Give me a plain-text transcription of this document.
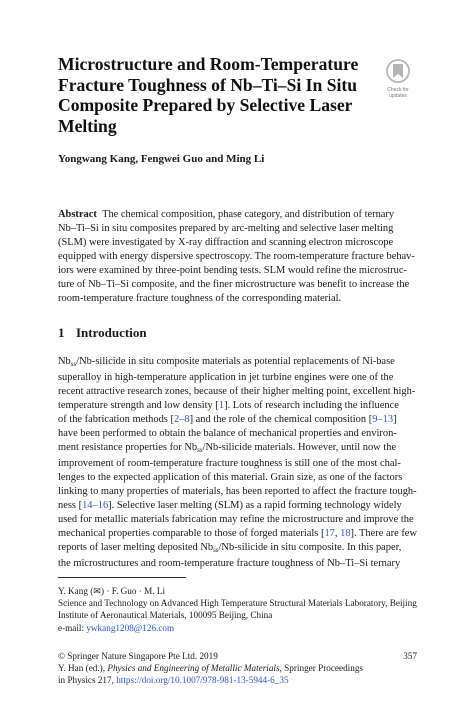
Microstructure and Room-Temperature
Fracture Toughness of Nb–Ti–Si In Situ
Composite Prepared by Selective Laser
Melting
Check for
updates

Yongwang Kang, Fengwei Guo and Ming Li

Abstract The chemical composition, phase category, and distribution of ternary
Nb–Ti–Si in situ composites prepared by arc-melting and selective laser melting
(SLM) were investigated by X-ray diffraction and scanning electron microscope
equipped with energy dispersive spectroscopy. The room-temperature fracture behav-
iors were examined by three-point bending tests. SLM would refine the microstruc-
ture of Nb–Ti–Si composite, and the finer microstructure was benefit to increase the
room-temperature fracture toughness of the corresponding material.

1 Introduction

$Nb_{ss}/Nb$-silicide in situ composite materials as potential replacements of Ni-base
superalloy in high-temperature application in jet turbine engines were one of the
recent attractive research zones, because of their higher melting point, excellent high-
temperature strength and low density [1]. Lots of research including the influence
of the fabrication methods [2–8] and the role of the chemical composition [9–13]
have been performed to obtain the balance of mechanical properties and environ-
ment resistance properties for $Nb_{ss}/Nb$-silicide materials. However, until now the
improvement of room-temperature fracture toughness is still one of the most chal-
lenges to the expected application of this material. Grain size, as one of the factors
linking to many properties of materials, has been reported to affect the fracture tough-
ness [14–16]. Selective laser melting (SLM) as a rapid forming technology widely
used for metallic materials fabrication may refine the microstructure and improve the
mechanical properties comparable to those of forged materials [17, 18]. There are few
reports of laser melting deposited $Nb_{ss}/Nb$-silicide in situ composite. In this paper,
the microstructures and room-temperature fracture toughness of Nb–Ti–Si ternary

Y. Kang (✉) · F. Guo · M. Li
Science and Technology on Advanced High Temperature Structural Materials Laboratory, Beijing
Institute of Aeronautical Materials, 100095 Beijing, China
e-mail: ywkang1208@126.com

© Springer Nature Singapore Pte Ltd. 2019
Y. Han (ed.), Physics and Engineering of Metallic Materials, Springer Proceedings
in Physics 217, https://doi.org/10.1007/978-981-13-5944-6_35

357
